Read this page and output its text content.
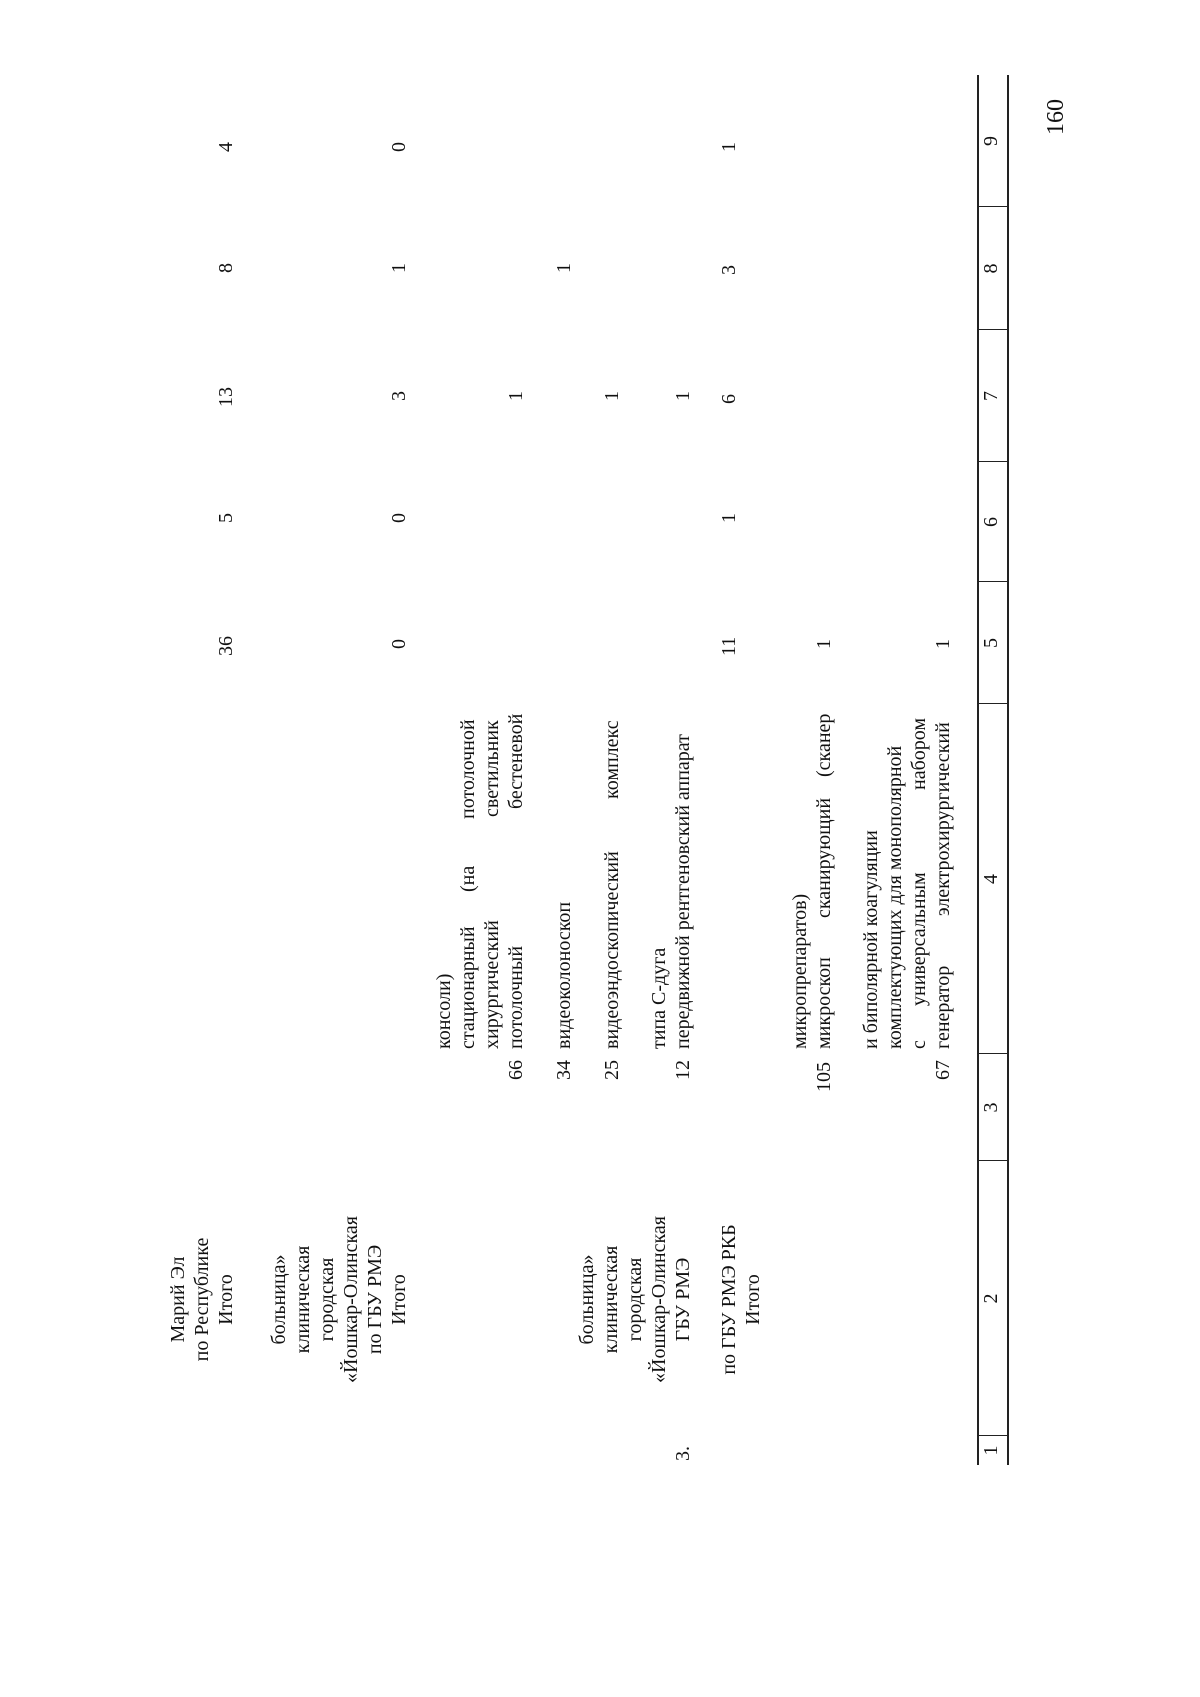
160
1
2
3
4
5
6
7
8
9
67
генератор
электрохирургический
с
универсальным
набором
комплектующих для монополярной
и биполярной коагуляции
1
105
микроскоп
сканирующий
(сканер
микропрепаратов)
1
Итого
по ГБУ РМЭ РКБ
11
1
6
3
1
3.
ГБУ РМЭ
«Йошкар-Олинская
городская
клиническая
больница»
12
передвижной рентгеновский аппарат
типа С-дуга
1
25
видеоэндоскопический
комплекс
1
34
видеоколоноскоп
1
66
потолочный
бестеневой
хирургический
светильник
стационарный
(на
потолочной
консоли)
1
Итого
по ГБУ РМЭ
«Йошкар-Олинская
городская
клиническая
больница»
0
0
3
1
0
Итого
по Республике
Марий Эл
36
5
13
8
4
